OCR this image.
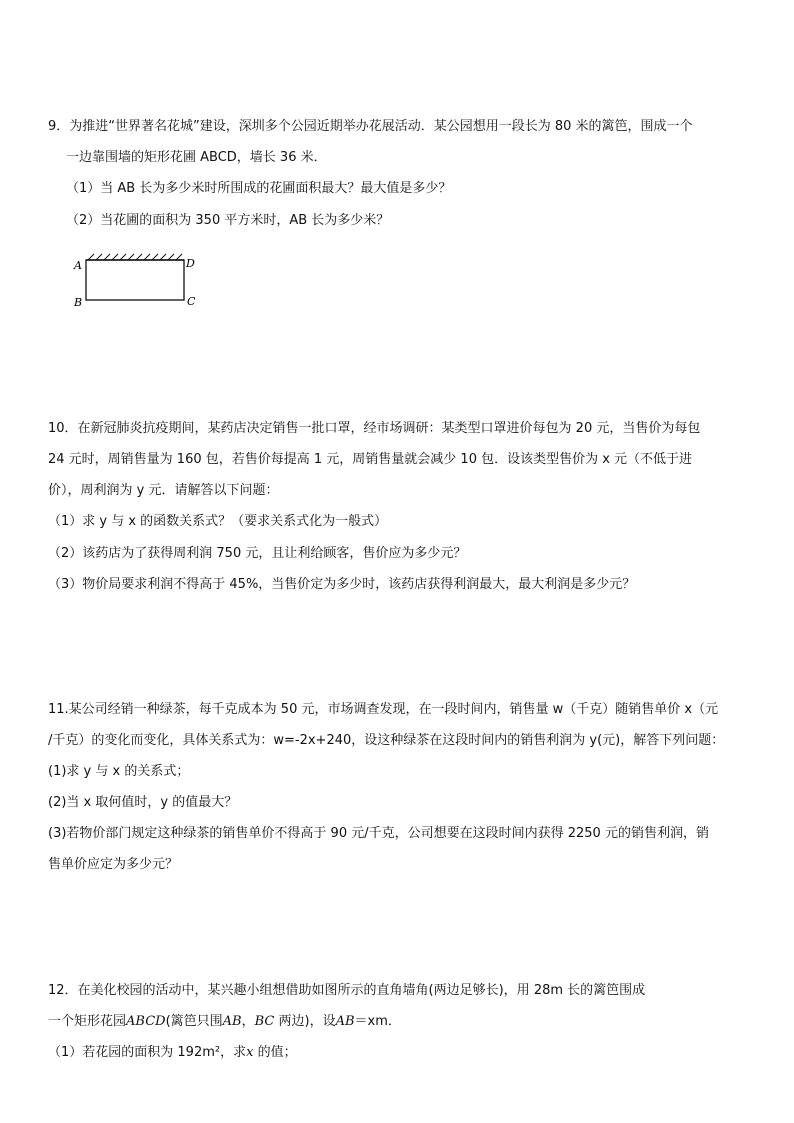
9．为推进“世界著名花城”建设，深圳多个公园近期举办花展活动．某公园想用一段长为 80 米的篱笆，围成一个
一边靠围墙的矩形花圃 ABCD，墙长 36 米．
（1）当 AB 长为多少米时所围成的花圃面积最大？最大值是多少？
（2）当花圃的面积为 350 平方米时，AB 长为多少米？
A	D
B	C
10．在新冠肺炎抗疫期间，某药店决定销售一批口罩，经市场调研：某类型口罩进价每包为 20 元，当售价为每包
24 元时，周销售量为 160 包，若售价每提高 1 元，周销售量就会减少 10 包．设该类型售价为 x 元（不低于进
价），周利润为 y 元．请解答以下问题：
（1）求 y 与 x 的函数关系式？（要求关系式化为一般式）
（2）该药店为了获得周利润 750 元，且让利给顾客，售价应为多少元？
（3）物价局要求利润不得高于 45%，当售价定为多少时，该药店获得利润最大，最大利润是多少元？
11.某公司经销一种绿茶，每千克成本为 50 元，市场调查发现，在一段时间内，销售量 w（千克）随销售单价 x（元
/千克）的变化而变化，具体关系式为：w=-2x+240，设这种绿茶在这段时间内的销售利润为 y(元)，解答下列问题：
(1)求 y 与 x 的关系式；
(2)当 x 取何值时，y 的值最大？
(3)若物价部门规定这种绿茶的销售单价不得高于 90 元/千克，公司想要在这段时间内获得 2250 元的销售利润，销
售单价应定为多少元？
12．在美化校园的活动中，某兴趣小组想借助如图所示的直角墙角(两边足够长)，用 28m 长的篱笆围成
一个矩形花园ABCD(篱笆只围AB，BC 两边)，设AB＝xm．
（1）若花园的面积为 192m²，求x 的值；
